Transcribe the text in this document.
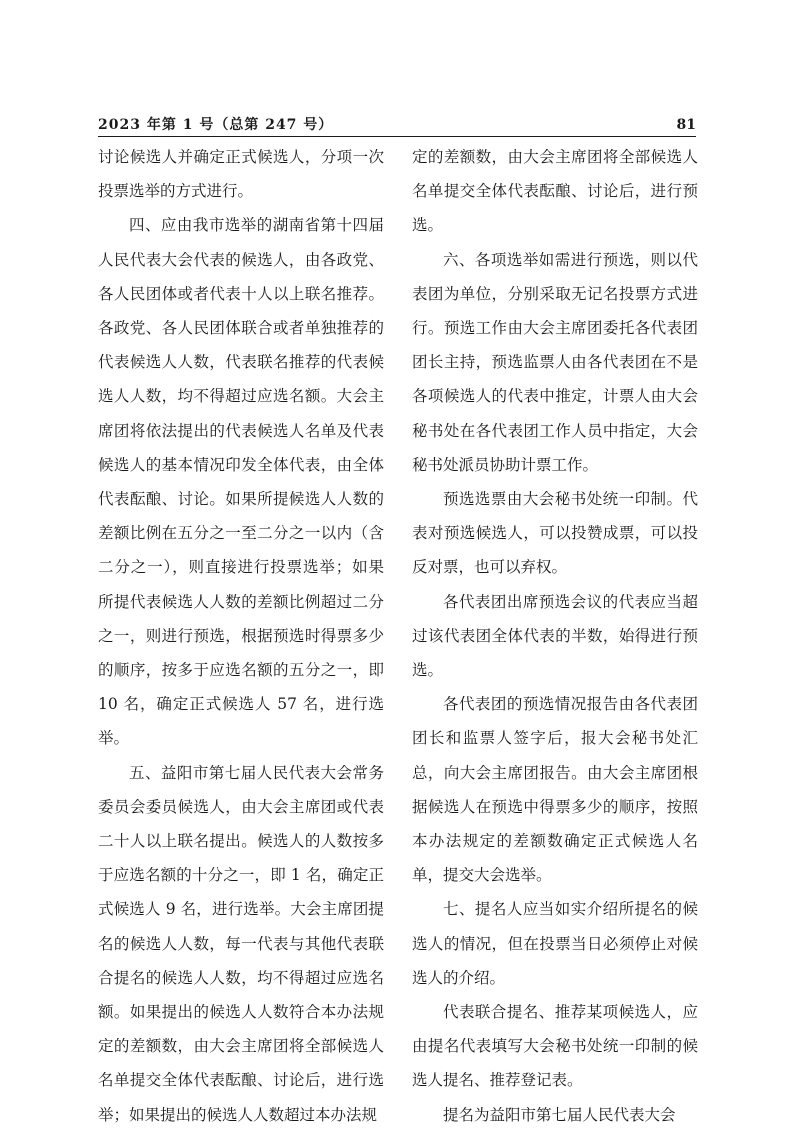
2023 年第 1 号（总第 247 号）	81

讨论候选人并确定正式候选人，分项一次投票选举的方式进行。

四、应由我市选举的湖南省第十四届人民代表大会代表的候选人，由各政党、各人民团体或者代表十人以上联名推荐。各政党、各人民团体联合或者单独推荐的代表候选人人数，代表联名推荐的代表候选人人数，均不得超过应选名额。大会主席团将依法提出的代表候选人名单及代表候选人的基本情况印发全体代表，由全体代表酝酿、讨论。如果所提候选人人数的差额比例在五分之一至二分之一以内（含二分之一），则直接进行投票选举；如果所提代表候选人人数的差额比例超过二分之一，则进行预选，根据预选时得票多少的顺序，按多于应选名额的五分之一，即 10 名，确定正式候选人 57 名，进行选举。

五、益阳市第七届人民代表大会常务委员会委员候选人，由大会主席团或代表二十人以上联名提出。候选人的人数按多于应选名额的十分之一，即 1 名，确定正式候选人 9 名，进行选举。大会主席团提名的候选人人数，每一代表与其他代表联合提名的候选人人数，均不得超过应选名额。如果提出的候选人人数符合本办法规定的差额数，由大会主席团将全部候选人名单提交全体代表酝酿、讨论后，进行选举；如果提出的候选人人数超过本办法规

定的差额数，由大会主席团将全部候选人名单提交全体代表酝酿、讨论后，进行预选。

六、各项选举如需进行预选，则以代表团为单位，分别采取无记名投票方式进行。预选工作由大会主席团委托各代表团团长主持，预选监票人由各代表团在不是各项候选人的代表中推定，计票人由大会秘书处在各代表团工作人员中指定，大会秘书处派员协助计票工作。

预选选票由大会秘书处统一印制。代表对预选候选人，可以投赞成票，可以投反对票，也可以弃权。

各代表团出席预选会议的代表应当超过该代表团全体代表的半数，始得进行预选。

各代表团的预选情况报告由各代表团团长和监票人签字后，报大会秘书处汇总，向大会主席团报告。由大会主席团根据候选人在预选中得票多少的顺序，按照本办法规定的差额数确定正式候选人名单，提交大会选举。

七、提名人应当如实介绍所提名的候选人的情况，但在投票当日必须停止对候选人的介绍。

代表联合提名、推荐某项候选人，应由提名代表填写大会秘书处统一印制的候选人提名、推荐登记表。

提名为益阳市第七届人民代表大会
